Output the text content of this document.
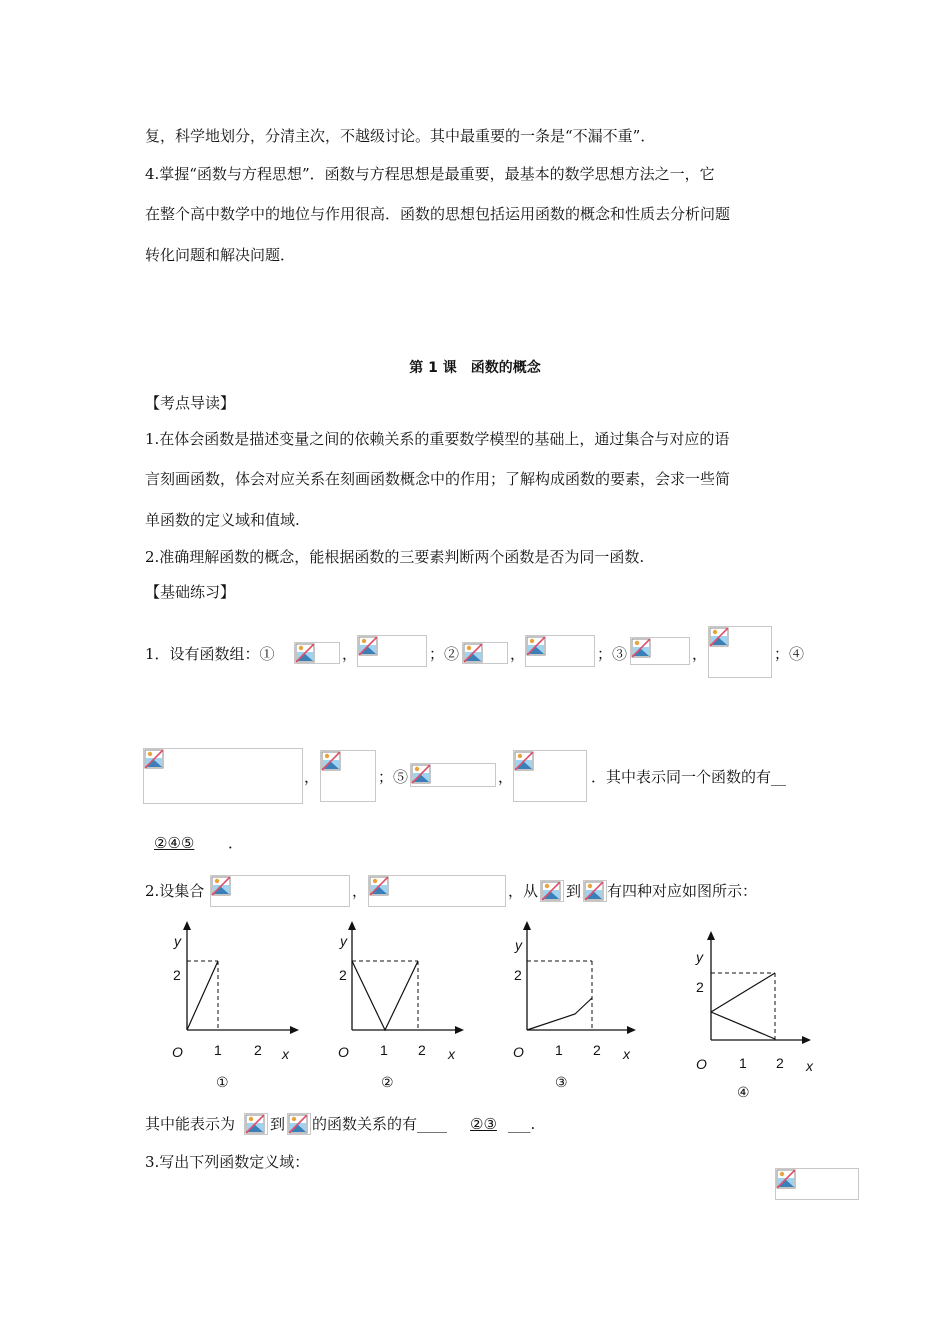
复，科学地划分，分清主次，不越级讨论。其中最重要的一条是“不漏不重”．
4.掌握“函数与方程思想”．函数与方程思想是最重要，最基本的数学思想方法之一，它
在整个高中数学中的地位与作用很高．函数的思想包括运用函数的概念和性质去分析问题
转化问题和解决问题．
第 1 课　函数的概念
【考点导读】
1.在体会函数是描述变量之间的依赖关系的重要数学模型的基础上，通过集合与对应的语
言刻画函数，体会对应关系在刻画函数概念中的作用；了解构成函数的要素，会求一些简
单函数的定义域和值域.
2.准确理解函数的概念，能根据函数的三要素判断两个函数是否为同一函数.
【基础练习】
1．设有函数组：①	，	；②	，	；③	，	；④
，	；⑤	，	．其中表示同一个函数的有__
②④⑤	．
2.设集合	，	，从 到 有四种对应如图所示：
y
2
O 1 2 x
①
y
2
O 1 2 x
②
y
2
O 1 2 x
③
y
2
O 1 2 x
④
其中能表示为 到 的函数关系的有____ ②③ ___.
3.写出下列函数定义域：
